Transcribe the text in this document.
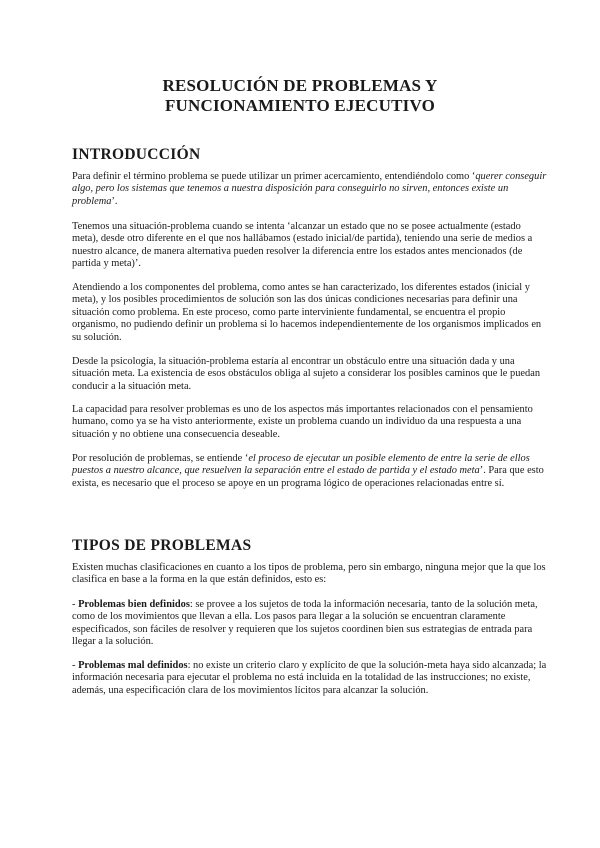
RESOLUCIÓN DE PROBLEMAS Y
FUNCIONAMIENTO EJECUTIVO
INTRODUCCIÓN

Para definir el término problema se puede utilizar un primer acercamiento, entendiéndolo como ‘querer conseguir algo, pero los sistemas que tenemos a nuestra disposición para conseguirlo no sirven, entonces existe un problema’.

Tenemos una situación-problema cuando se intenta ‘alcanzar un estado que no se posee actualmente (estado meta), desde otro diferente en el que nos hallábamos (estado inicial/de partida), teniendo una serie de medios a nuestro alcance, de manera alternativa pueden resolver la diferencia entre los estados antes mencionados (de partida y meta)’.

Atendiendo a los componentes del problema, como antes se han caracterizado, los diferentes estados (inicial y meta), y los posibles procedimientos de solución son las dos únicas condiciones necesarias para definir una situación como problema. En este proceso, como parte interviniente fundamental, se encuentra el propio organismo, no pudiendo definir un problema si lo hacemos independientemente de los organismos implicados en su solución.

Desde la psicología, la situación-problema estaría al encontrar un obstáculo entre una situación dada y una situación meta. La existencia de esos obstáculos obliga al sujeto a considerar los posibles caminos que le puedan conducir a la situación meta.

La capacidad para resolver problemas es uno de los aspectos más importantes relacionados con el pensamiento humano, como ya se ha visto anteriormente, existe un problema cuando un individuo da una respuesta a una situación y no obtiene una consecuencia deseable.

Por resolución de problemas, se entiende ‘el proceso de ejecutar un posible elemento de entre la serie de ellos puestos a nuestro alcance, que resuelven la separación entre el estado de partida y el estado meta’. Para que esto exista, es necesario que el proceso se apoye en un programa lógico de operaciones relacionadas entre sí.

TIPOS DE PROBLEMAS

Existen muchas clasificaciones en cuanto a los tipos de problema, pero sin embargo, ninguna mejor que la que los clasifica en base a la forma en la que están definidos, esto es:

- Problemas bien definidos: se provee a los sujetos de toda la información necesaria, tanto de la solución meta, como de los movimientos que llevan a ella. Los pasos para llegar a la solución se encuentran claramente especificados, son fáciles de resolver y requieren que los sujetos coordinen bien sus estrategias de entrada para llegar a la solución.

- Problemas mal definidos: no existe un criterio claro y explícito de que la solución-meta haya sido alcanzada; la información necesaria para ejecutar el problema no está incluida en la totalidad de las instrucciones; no existe, además, una especificación clara de los movimientos lícitos para alcanzar la solución.
